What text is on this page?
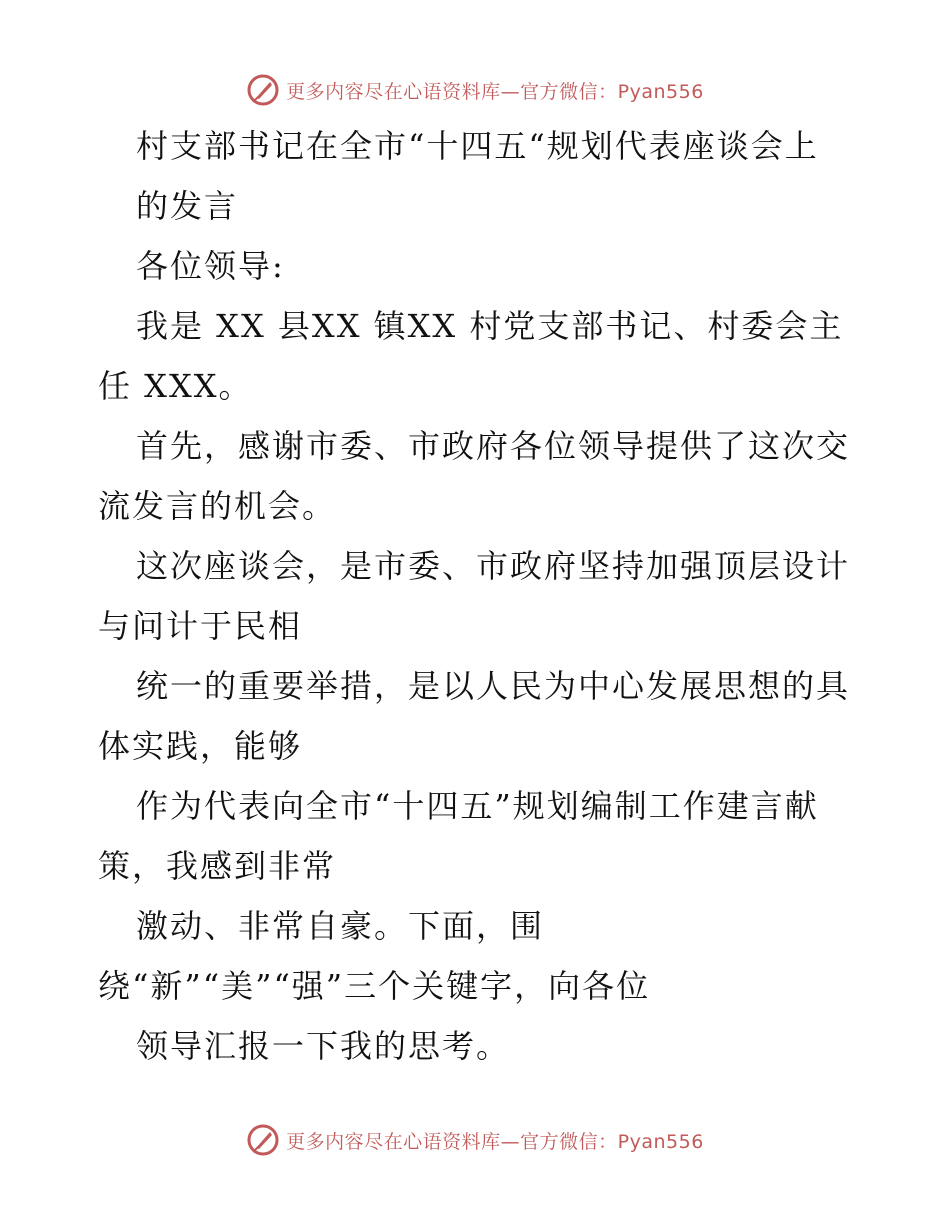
更多内容尽在心语资料库—官方微信：Pyan556
村支部书记在全市“十四五“规划代表座谈会上
的发言
各位领导:
我是 XX 县XX 镇XX 村党支部书记、村委会主
任 XXX。
首先，感谢市委、市政府各位领导提供了这次交
流发言的机会。
这次座谈会，是市委、市政府坚持加强顶层设计
与问计于民相
统一的重要举措，是以人民为中心发展思想的具
体实践，能够
作为代表向全市“十四五”规划编制工作建言献
策，我感到非常
激动、非常自豪。下面，围
绕“新”“美”“强”三个关键字，向各位
领导汇报一下我的思考。
更多内容尽在心语资料库—官方微信：Pyan556
